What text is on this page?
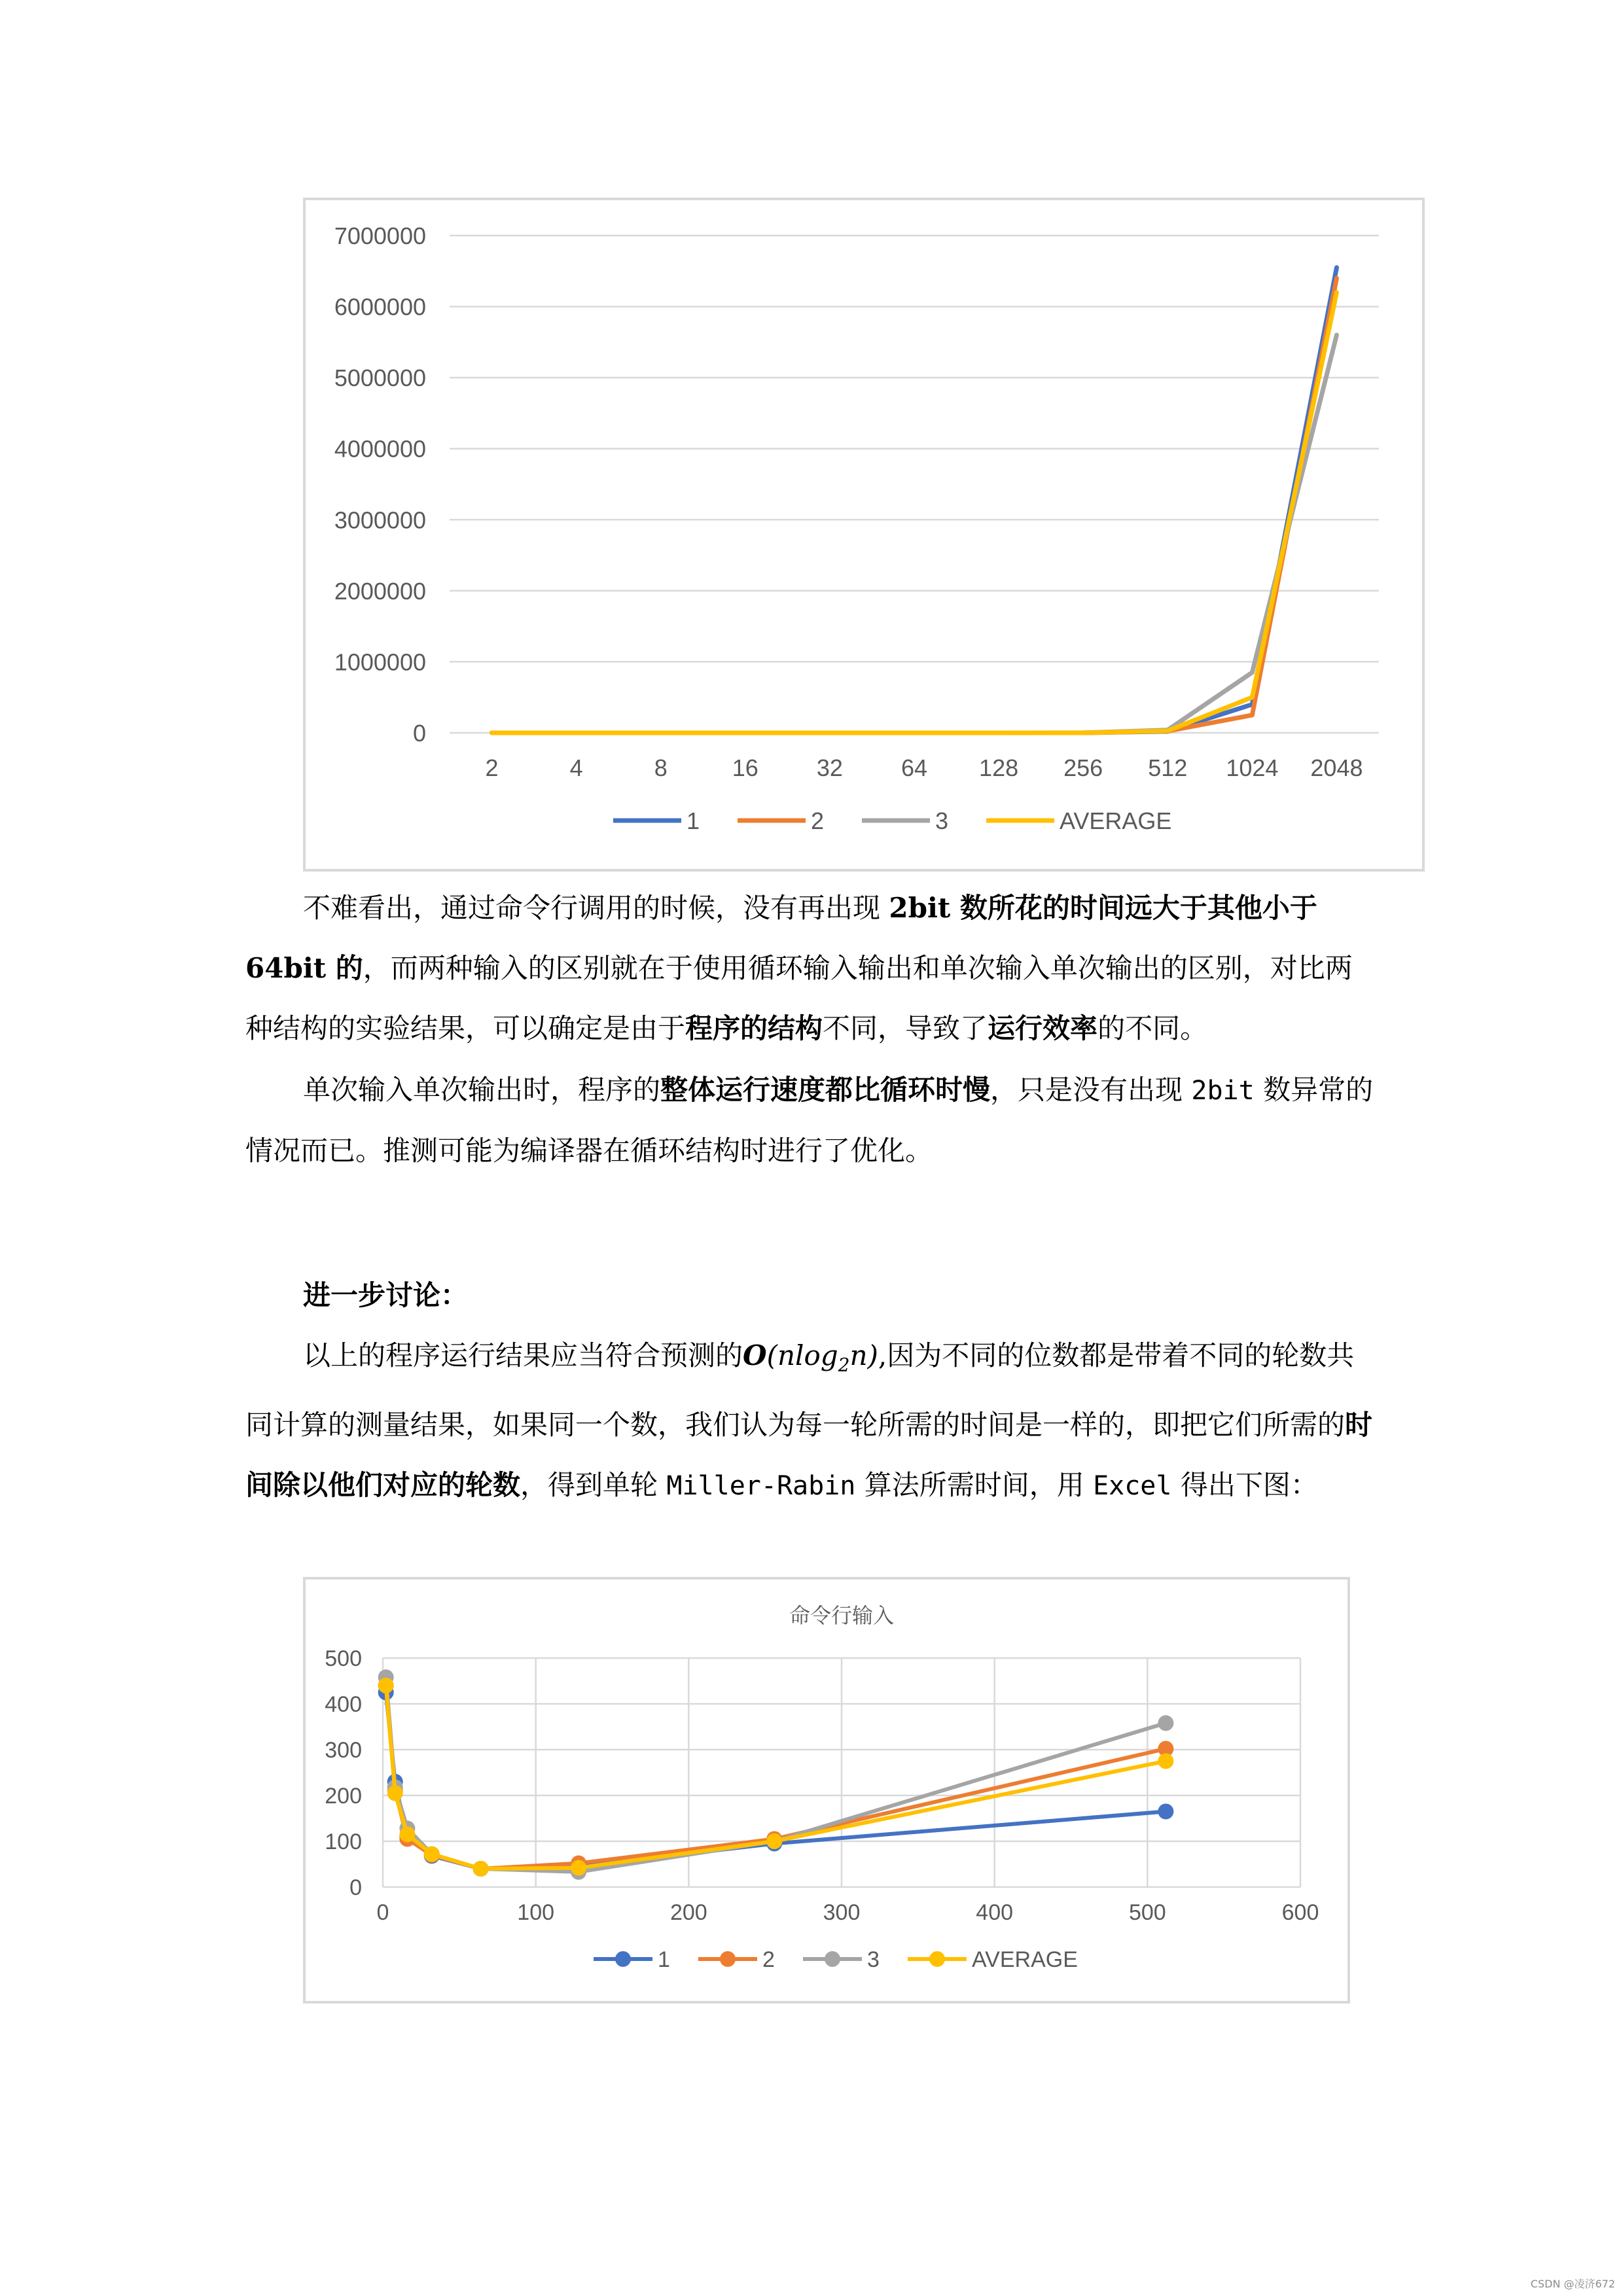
0
1000000
2000000
3000000
4000000
5000000
6000000
7000000
2	4	8	16 32 64 128 256 512 1024 2048
1	2	3	AVERAGE

不难看出，通过命令行调用的时候，没有再出现 2bit 数所花的时间远大于其他小于 64bit 的，而两种输入的区别就在于使用循环输入输出和单次输入单次输出的区别，对比两种结构的实验结果，可以确定是由于程序的结构不同，导致了运行效率的不同。

单次输入单次输出时，程序的整体运行速度都比循环时慢，只是没有出现 2bit 数异常的情况而已。推测可能为编译器在循环结构时进行了优化。

进一步讨论：

以上的程序运行结果应当符合预测的O(nlog$_2$n),因为不同的位数都是带着不同的轮数共同计算的测量结果，如果同一个数，我们认为每一轮所需的时间是一样的，即把它们所需的时间除以他们对应的轮数，得到单轮 Miller-Rabin 算法所需时间，用 Excel 得出下图：

命令行输入
0
100
200
300
400
500
0	100	200	300	400	500	600
1	2	3	AVERAGE
CSDN @凌济672
